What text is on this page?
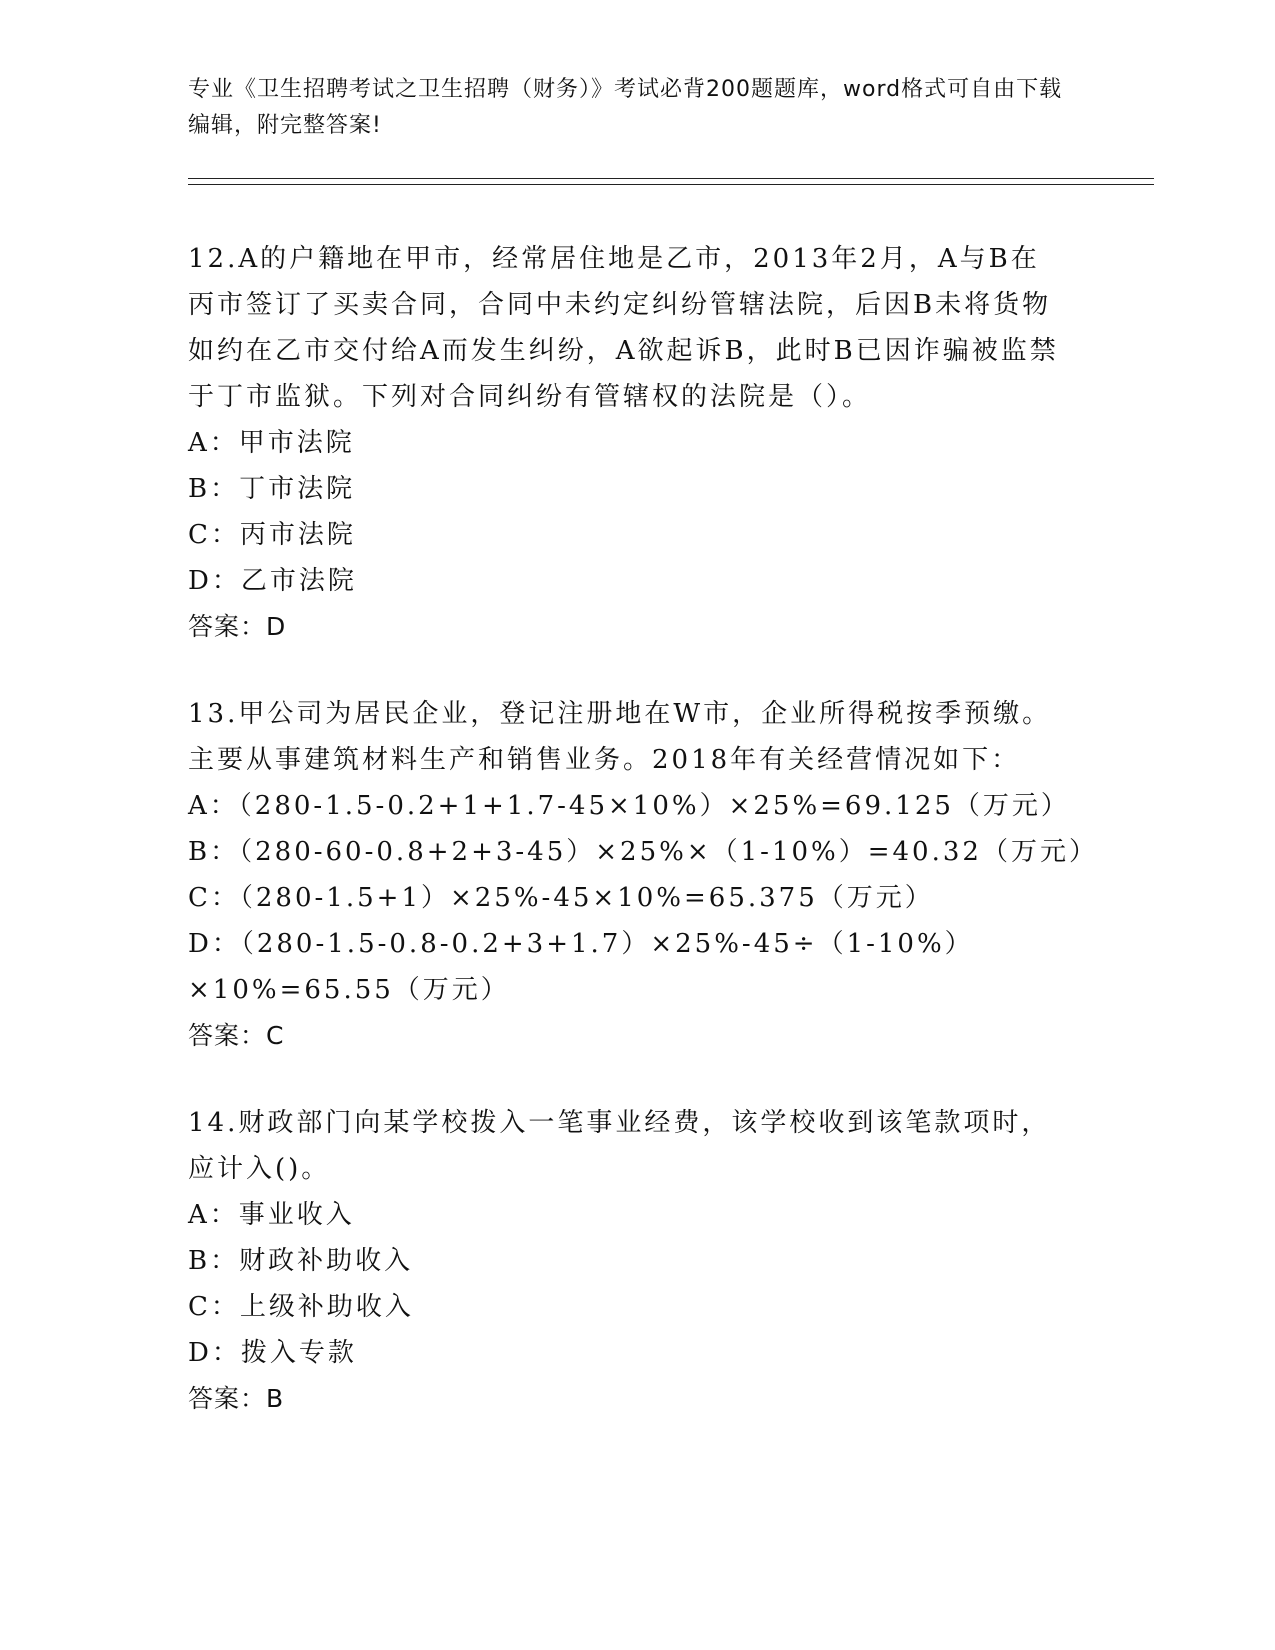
专业《卫生招聘考试之卫生招聘（财务）》考试必背200题题库，word格式可自由下载编辑，附完整答案!

12.A的户籍地在甲市，经常居住地是乙市，2013年2月，A与B在丙市签订了买卖合同，合同中未约定纠纷管辖法院，后因B未将货物如约在乙市交付给A而发生纠纷，A欲起诉B，此时B已因诈骗被监禁于丁市监狱。下列对合同纠纷有管辖权的法院是（）。

A：甲市法院

B：丁市法院

C：丙市法院

D：乙市法院

答案：D

13.甲公司为居民企业，登记注册地在W市，企业所得税按季预缴。主要从事建筑材料生产和销售业务。2018年有关经营情况如下：

A：（280-1.5-0.2+1+1.7-45×10%）×25%=69.125（万元）

B：（280-60-0.8+2+3-45）×25%×（1-10%）=40.32（万元）

C：（280-1.5+1）×25%-45×10%=65.375（万元）

D：（280-1.5-0.8-0.2+3+1.7）×25%-45÷（1-10%）×10%=65.55（万元）

答案：C

14.财政部门向某学校拨入一笔事业经费，该学校收到该笔款项时，应计入()。

A：事业收入

B：财政补助收入

C：上级补助收入

D：拨入专款

答案：B
